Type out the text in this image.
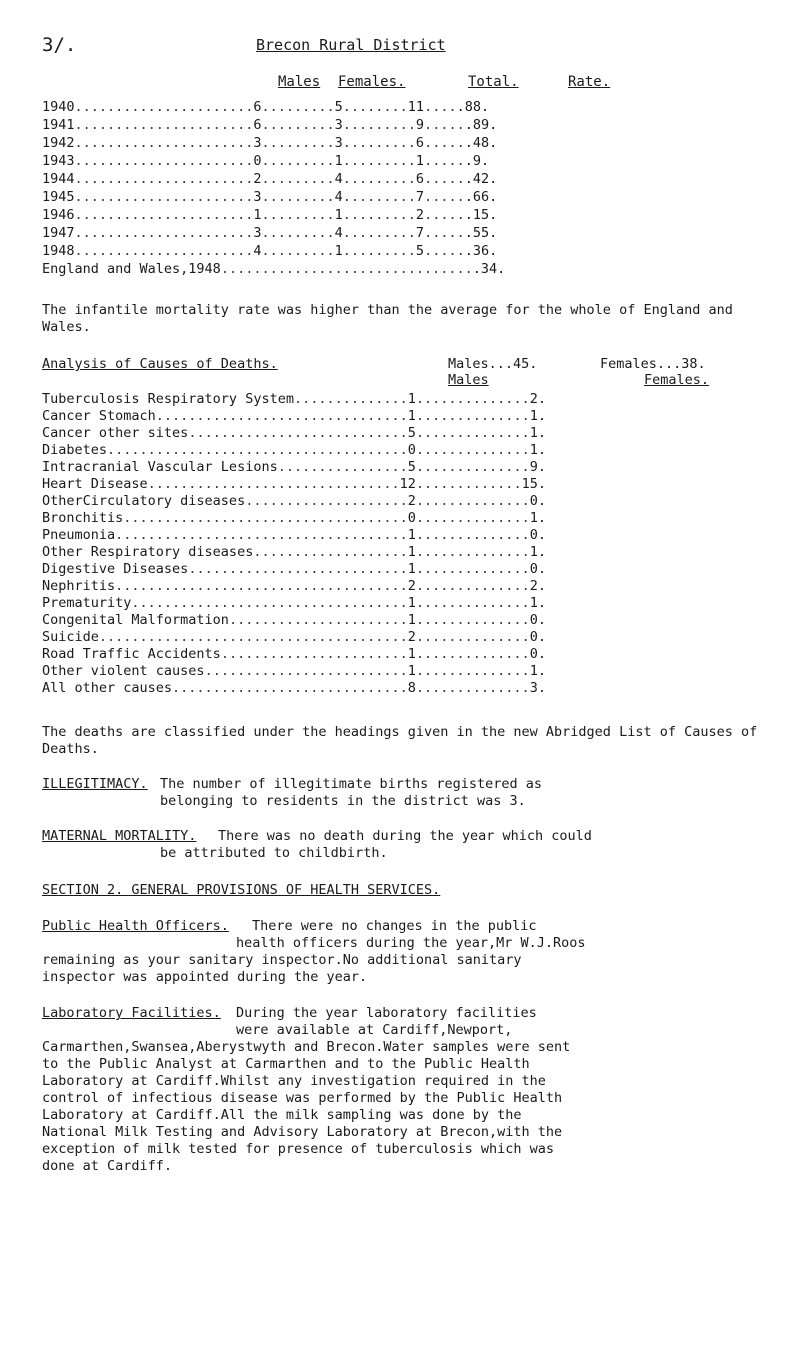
3/.	Brecon Rural District
Males Females.	Total.	Rate.
1940......................6.........5........11.....88.
1941......................6.........3.........9......89.
1942......................3.........3.........6......48.
1943......................0.........1.........1......9.
1944......................2.........4.........6......42.
1945......................3.........4.........7......66.
1946......................1.........1.........2......15.
1947......................3.........4.........7......55.
1948......................4.........1.........5......36.
England and Wales,1948................................34.
The infantile mortality rate was higher than the average for the whole of England and Wales.
Analysis of Causes of Deaths.	Males...45.	Females...38.
Males	Females.
Tuberculosis Respiratory System..............1..............2.
Cancer Stomach...............................1..............1.
Cancer other sites...........................5..............1.
Diabetes.....................................0..............1.
Intracranial Vascular Lesions................5..............9.
Heart Disease...............................12.............15.
OtherCirculatory diseases....................2..............0.
Bronchitis...................................0..............1.
Pneumonia....................................1..............0.
Other Respiratory diseases...................1..............1.
Digestive Diseases...........................1..............0.
Nephritis....................................2..............2.
Prematurity..................................1..............1.
Congenital Malformation......................1..............0.
Suicide......................................2..............0.
Road Traffic Accidents.......................1..............0.
Other violent causes.........................1..............1.
All other causes.............................8..............3.
The deaths are classified under the headings given in the new Abridged List of Causes of Deaths.
ILLEGITIMACY. The number of illegitimate births registered as
belonging to residents in the district was 3.
MATERNAL MORTALITY. There was no death during the year which could
be attributed to childbirth.
SECTION 2. GENERAL PROVISIONS OF HEALTH SERVICES.
Public Health Officers. There were no changes in the public
health officers during the year,Mr W.J.Roos
remaining as your sanitary inspector.No additional sanitary
inspector was appointed during the year.
Laboratory Facilities. During the year laboratory facilities
were available at Cardiff,Newport,
Carmarthen,Swansea,Aberystwyth and Brecon.Water samples were sent
to the Public Analyst at Carmarthen and to the Public Health
Laboratory at Cardiff.Whilst any investigation required in the
control of infectious disease was performed by the Public Health
Laboratory at Cardiff.All the milk sampling was done by the
National Milk Testing and Advisory Laboratory at Brecon,with the
exception of milk tested for presence of tuberculosis which was
done at Cardiff.
